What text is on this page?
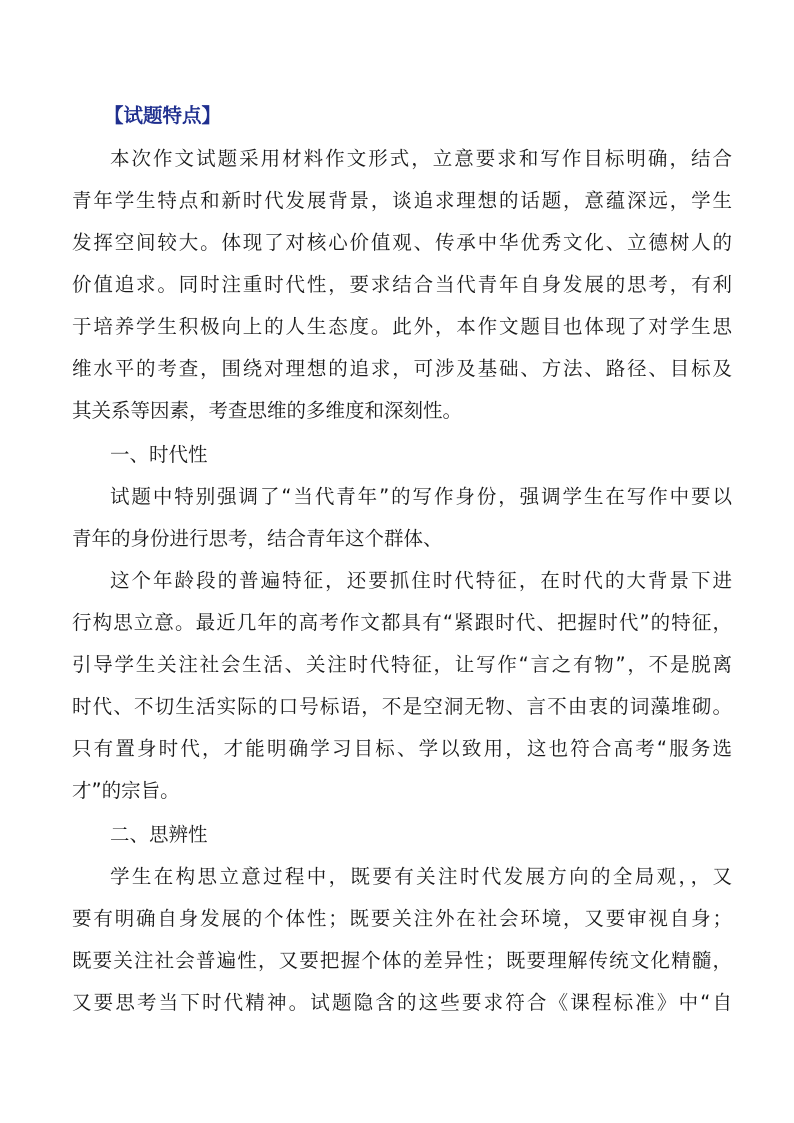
【试题特点】
本次作文试题采用材料作文形式，立意要求和写作目标明确，结合
青年学生特点和新时代发展背景，谈追求理想的话题，意蕴深远，学生
发挥空间较大。体现了对核心价值观、传承中华优秀文化、立德树人的
价值追求。同时注重时代性，要求结合当代青年自身发展的思考，有利
于培养学生积极向上的人生态度。此外，本作文题目也体现了对学生思
维水平的考查，围绕对理想的追求，可涉及基础、方法、路径、目标及
其关系等因素，考查思维的多维度和深刻性。
一、时代性
试题中特别强调了“当代青年”的写作身份，强调学生在写作中要以
青年的身份进行思考，结合青年这个群体、
这个年龄段的普遍特征，还要抓住时代特征，在时代的大背景下进
行构思立意。最近几年的高考作文都具有“紧跟时代、把握时代”的特征，
引导学生关注社会生活、关注时代特征，让写作“言之有物”，不是脱离
时代、不切生活实际的口号标语，不是空洞无物、言不由衷的词藻堆砌。
只有置身时代，才能明确学习目标、学以致用，这也符合高考“服务选
才”的宗旨。
二、思辨性
学生在构思立意过程中，既要有关注时代发展方向的全局观，，又
要有明确自身发展的个体性；既要关注外在社会环境，又要审视自身；
既要关注社会普遍性，又要把握个体的差异性；既要理解传统文化精髓，
又要思考当下时代精神。试题隐含的这些要求符合《课程标准》中“自
